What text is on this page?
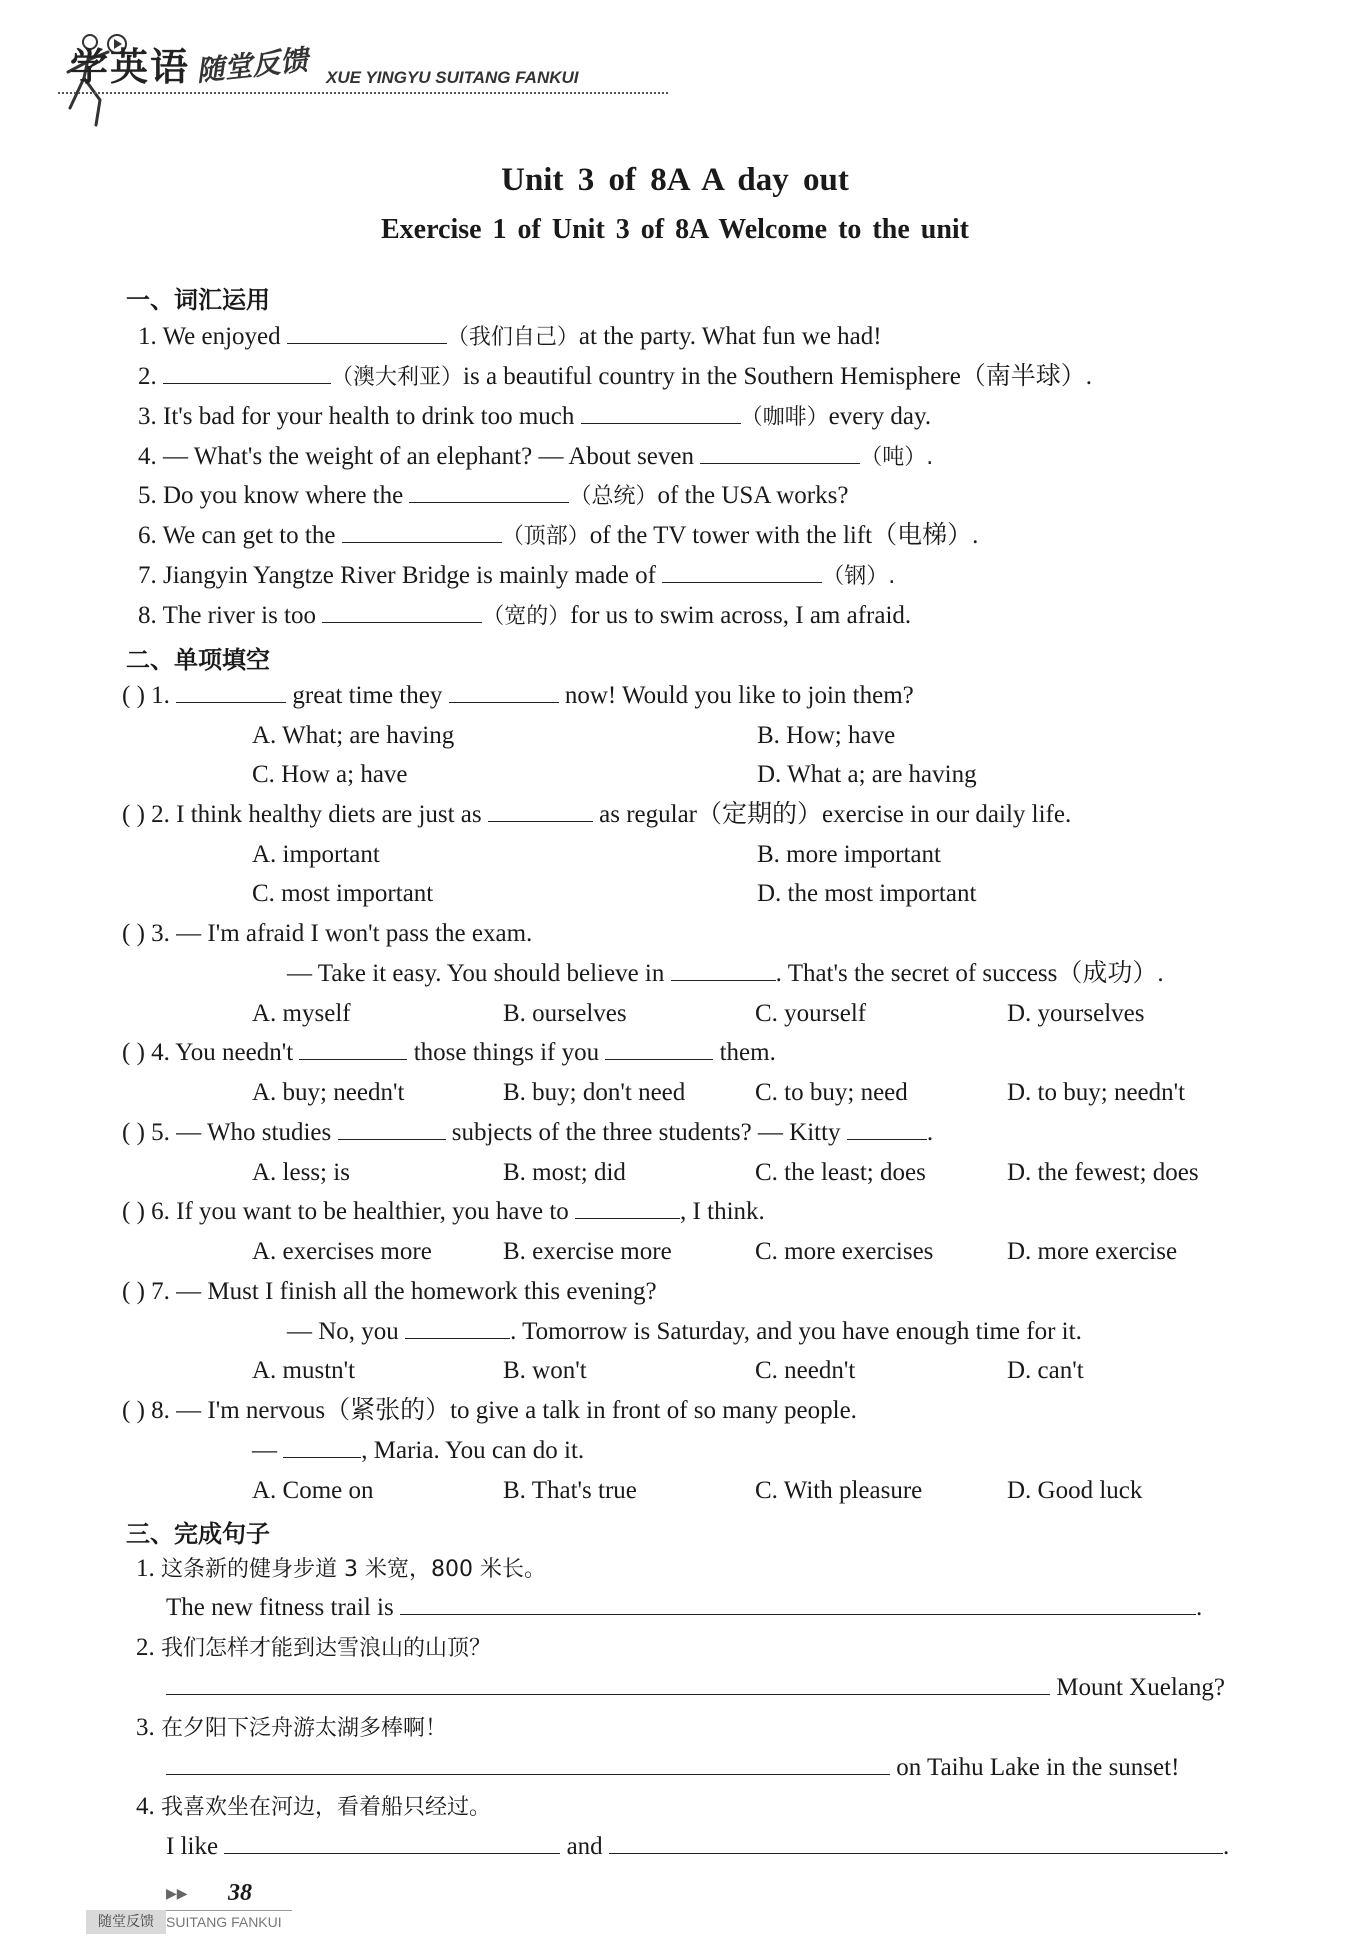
学英语 随堂反馈 XUE YINGYU SUITANG FANKUI
Unit 3 of 8A A day out
Exercise 1 of Unit 3 of 8A Welcome to the unit
一、词汇运用
1. We enjoyed	（我们自己）at the party. What fun we had!
2.	（澳大利亚）is a beautiful country in the Southern Hemisphere（南半球）.
3. It's bad for your health to drink too much	（咖啡）every day.
4. — What's the weight of an elephant? — About seven	（吨）.
5. Do you know where the	（总统）of the USA works?
6. We can get to the	（顶部）of the TV tower with the lift（电梯）.
7. Jiangyin Yangtze River Bridge is mainly made of	（钢）.
8. The river is too	（宽的）for us to swim across, I am afraid.
二、单项填空
( ) 1.	great time they	now! Would you like to join them?
A. What; are having	B. How; have
C. How a; have	D. What a; are having
( ) 2. I think healthy diets are just as	as regular（定期的）exercise in our daily life.
A. important	B. more important
C. most important	D. the most important
( ) 3. — I'm afraid I won't pass the exam.
— Take it easy. You should believe in	. That's the secret of success（成功）.
A. myself	B. ourselves	C. yourself	D. yourselves
( ) 4. You needn't	those things if you	them.
A. buy; needn't	B. buy; don't need	C. to buy; need	D. to buy; needn't
( ) 5. — Who studies	subjects of the three students? — Kitty	.
A. less; is	B. most; did	C. the least; does	D. the fewest; does
( ) 6. If you want to be healthier, you have to	, I think.
A. exercises more	B. exercise more	C. more exercises	D. more exercise
( ) 7. — Must I finish all the homework this evening?
— No, you	. Tomorrow is Saturday, and you have enough time for it.
A. mustn't	B. won't	C. needn't	D. can't
( ) 8. — I'm nervous（紧张的）to give a talk in front of so many people.
—	, Maria. You can do it.
A. Come on	B. That's true	C. With pleasure	D. Good luck
三、完成句子
1. 这条新的健身步道 3 米宽，800 米长。
The new fitness trail is	.
2. 我们怎样才能到达雪浪山的山顶？
Mount Xuelang?
3. 在夕阳下泛舟游太湖多棒啊！
on Taihu Lake in the sunset!
4. 我喜欢坐在河边，看着船只经过。
I like	and	.
▶▶ 38
随堂反馈 SUITANG FANKUI
